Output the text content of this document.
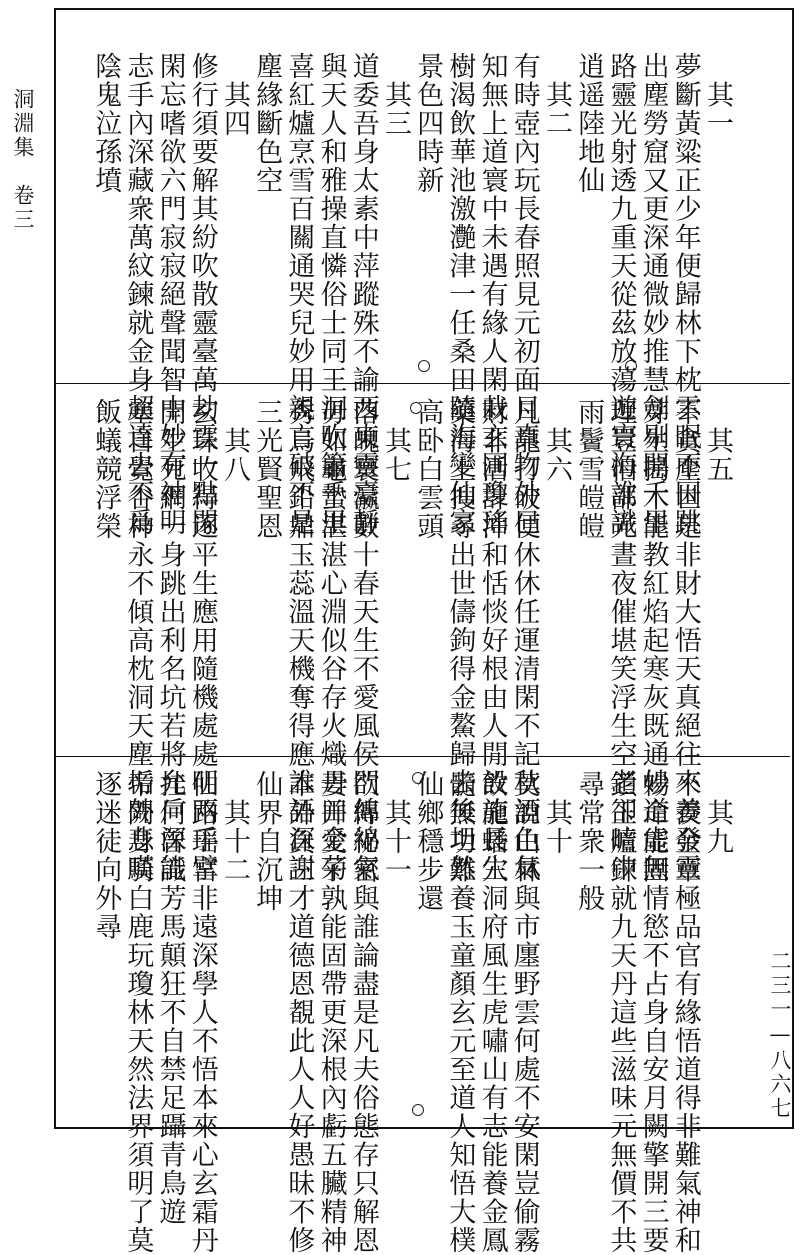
洞淵集　卷三
二三一—八六七
　其一
夢斷黃粱正少年便歸林下枕雲眠不因跳
出塵勞窟又更深通微妙推慧劍剔開千里
路靈光射透九重天從茲放蕩遊寰海誰識
逍遥陸地仙
　其二
有時壺內玩長春照見元初面目真物外巳
知無上道寰中未遇有緣人閑栽玄圃瓊瑤
樹渴飲華池激灔津一任桑田隨海變仙家
景色四時新
　其三
道委吾身太素中萍蹤殊不諭西東靈臺靜
與天人和雅操直憐俗士同王洞吹簫千里
喜紅爐烹雪百關通哭兒妙用親言破不是
塵緣斷色空
　其四
修行須要解其紛吹散靈臺萬劫雲一點閑
閑忘嗜欲六門寂寂絕聲聞智中妙有神明
志手內深藏衆萬紋鍊就金身超達去不爲
陰鬼泣孫墳
　其五
不貪塵世是非財大悟天真絕往來養發靈
芽生搗木能教紅焰起寒灰既通妙道虛無
理豈怕部光晝夜催堪笑浮生空老卻暗中
雨鬢雪皚皚
　其六
凡龍打破便休休任運清閑不記秋酒色氣
財非活計沖和恬惔好根由人閒設施長生
藥海上搜尋出世儔鉤得金鰲歸去後坦然
高卧白雲頭
　其七
落魄寰瀛數十春天生不愛風侯門綿綿氣
毋如龜蟄湛湛心淵似谷存火熾丹田金菊
秀烏飛鉛鼎玉蕊溫天機奪得應誰語深謝
三光賢聖恩
　其八
玄珠收得逐平生應用隨機處處明兩手擘
開生死網一身跳出利名坑若將允戶深能
塞自覺谷神永不傾高枕洞天塵垢外悲嘆
飯蟻競浮榮
　其九
不羡金章極品官有緣悟道得非難氣神和
暢命能固情慾不占身自安月闕擎開三要
鎖玉爐鍊就九天丹這些滋味元無價不共
尋常衆一般
　其十
莫說山林與市廛野雲何處不安閑豈偷霧
飲龍蟠穴洞府風生虎嘯山有志能養金鳳
髓無功難養玉童顏玄元至道人知悟大樸
仙鄉穩步還
　其十一
欲傳祕密與誰論盡是凡夫俗態存只解恩
妻并愛子孰能固帶更深根內虧五臟精神
本外負三才道德恩覩此人人好愚昧不修
仙界自沉坤
　其十二
仙路瑶宮非遠深學人不悟本來心玄霜丹
挂何曾識芳馬顛狂不自禁足躡青鳥遊
帝闕身騎白鹿玩瓊林天然法界須明了莫
逐迷徒向外尋
